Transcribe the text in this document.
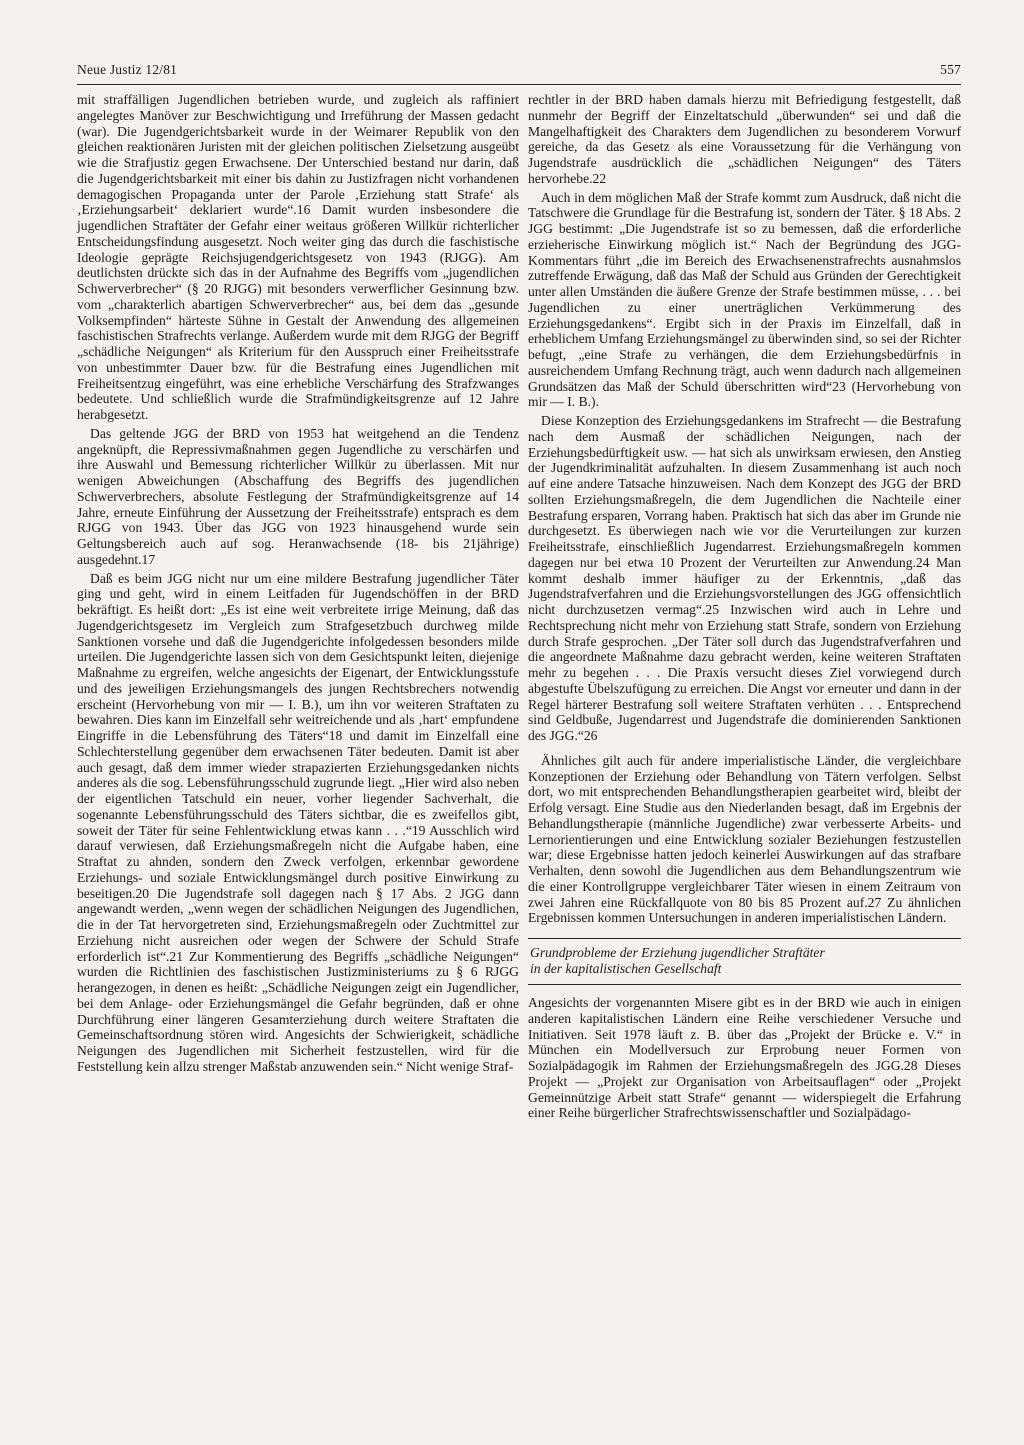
Neue Justiz 12/81	557

mit straffälligen Jugendlichen betrieben wurde, und zugleich als raffiniert angelegtes Manöver zur Beschwichtigung und Irreführung der Massen gedacht (war). Die Jugendgerichtsbarkeit wurde in der Weimarer Republik von den gleichen reaktionären Juristen mit der gleichen politischen Zielsetzung ausgeübt wie die Strafjustiz gegen Erwachsene. Der Unterschied bestand nur darin, daß die Jugendgerichtsbarkeit mit einer bis dahin zu Justizfragen nicht vorhandenen demagogischen Propaganda unter der Parole ‚Erziehung statt Strafe‘ als ‚Erziehungsarbeit‘ deklariert wurde“.16 Damit wurden insbesondere die jugendlichen Straftäter der Gefahr einer weitaus größeren Willkür richterlicher Entscheidungsfindung ausgesetzt. Noch weiter ging das durch die faschistische Ideologie geprägte Reichsjugendgerichtsgesetz von 1943 (RJGG). Am deutlichsten drückte sich das in der Aufnahme des Begriffs vom „jugendlichen Schwerverbrecher“ (§ 20 RJGG) mit besonders verwerflicher Gesinnung bzw. vom „charakterlich abartigen Schwerverbrecher“ aus, bei dem das „gesunde Volksempfinden“ härteste Sühne in Gestalt der Anwendung des allgemeinen faschistischen Strafrechts verlange. Außerdem wurde mit dem RJGG der Begriff „schädliche Neigungen“ als Kriterium für den Ausspruch einer Freiheitsstrafe von unbestimmter Dauer bzw. für die Bestrafung eines Jugendlichen mit Freiheitsentzug eingeführt, was eine erhebliche Verschärfung des Strafzwanges bedeutete. Und schließlich wurde die Strafmündigkeitsgrenze auf 12 Jahre herabgesetzt.

Das geltende JGG der BRD von 1953 hat weitgehend an die Tendenz angeknüpft, die Repressivmaßnahmen gegen Jugendliche zu verschärfen und ihre Auswahl und Bemessung richterlicher Willkür zu überlassen. Mit nur wenigen Abweichungen (Abschaffung des Begriffs des jugendlichen Schwerverbrechers, absolute Festlegung der Strafmündigkeitsgrenze auf 14 Jahre, erneute Einführung der Aussetzung der Freiheitsstrafe) entsprach es dem RJGG von 1943. Über das JGG von 1923 hinausgehend wurde sein Geltungsbereich auch auf sog. Heranwachsende (18- bis 21jährige) ausgedehnt.17

Daß es beim JGG nicht nur um eine mildere Bestrafung jugendlicher Täter ging und geht, wird in einem Leitfaden für Jugendschöffen in der BRD bekräftigt. Es heißt dort: „Es ist eine weit verbreitete irrige Meinung, daß das Jugendgerichtsgesetz im Vergleich zum Strafgesetzbuch durchweg milde Sanktionen vorsehe und daß die Jugendgerichte infolgedessen besonders milde urteilen. Die Jugendgerichte lassen sich von dem Gesichtspunkt leiten, diejenige Maßnahme zu ergreifen, welche angesichts der Eigenart, der Entwicklungsstufe und des jeweiligen Erziehungsmangels des jungen Rechtsbrechers notwendig erscheint (Hervorhebung von mir — I. B.), um ihn vor weiteren Straftaten zu bewahren. Dies kann im Einzelfall sehr weitreichende und als ‚hart‘ empfundene Eingriffe in die Lebensführung des Täters“18 und damit im Einzelfall eine Schlechterstellung gegenüber dem erwachsenen Täter bedeuten. Damit ist aber auch gesagt, daß dem immer wieder strapazierten Erziehungsgedanken nichts anderes als die sog. Lebensführungsschuld zugrunde liegt. „Hier wird also neben der eigentlichen Tatschuld ein neuer, vorher liegender Sachverhalt, die sogenannte Lebensführungsschuld des Täters sichtbar, die es zweifellos gibt, soweit der Täter für seine Fehlentwicklung etwas kann . . .“19 Ausschlich wird darauf verwiesen, daß Erziehungsmaßregeln nicht die Aufgabe haben, eine Straftat zu ahnden, sondern den Zweck verfolgen, erkennbar gewordene Erziehungs- und soziale Entwicklungsmängel durch positive Einwirkung zu beseitigen.20 Die Jugendstrafe soll dagegen nach § 17 Abs. 2 JGG dann angewandt werden, „wenn wegen der schädlichen Neigungen des Jugendlichen, die in der Tat hervorgetreten sind, Erziehungsmaßregeln oder Zuchtmittel zur Erziehung nicht ausreichen oder wegen der Schwere der Schuld Strafe erforderlich ist“.21 Zur Kommentierung des Begriffs „schädliche Neigungen“ wurden die Richtlinien des faschistischen Justizministeriums zu § 6 RJGG herangezogen, in denen es heißt: „Schädliche Neigungen zeigt ein Jugendlicher, bei dem Anlage- oder Erziehungsmängel die Gefahr begründen, daß er ohne Durchführung einer längeren Gesamterziehung durch weitere Straftaten die Gemeinschaftsordnung stören wird. Angesichts der Schwierigkeit, schädliche Neigungen des Jugendlichen mit Sicherheit festzustellen, wird für die Feststellung kein allzu strenger Maßstab anzuwenden sein.“ Nicht wenige Straf-

rechtler in der BRD haben damals hierzu mit Befriedigung festgestellt, daß nunmehr der Begriff der Einzeltatschuld „überwunden“ sei und daß die Mangelhaftigkeit des Charakters dem Jugendlichen zu besonderem Vorwurf gereiche, da das Gesetz als eine Voraussetzung für die Verhängung von Jugendstrafe ausdrücklich die „schädlichen Neigungen“ des Täters hervorhebe.22

Auch in dem möglichen Maß der Strafe kommt zum Ausdruck, daß nicht die Tatschwere die Grundlage für die Bestrafung ist, sondern der Täter. § 18 Abs. 2 JGG bestimmt: „Die Jugendstrafe ist so zu bemessen, daß die erforderliche erzieherische Einwirkung möglich ist.“ Nach der Begründung des JGG-Kommentars führt „die im Bereich des Erwachsenenstrafrechts ausnahmslos zutreffende Erwägung, daß das Maß der Schuld aus Gründen der Gerechtigkeit unter allen Umständen die äußere Grenze der Strafe bestimmen müsse, . . . bei Jugendlichen zu einer unerträglichen Verkümmerung des Erziehungsgedankens“. Ergibt sich in der Praxis im Einzelfall, daß in erheblichem Umfang Erziehungsmängel zu überwinden sind, so sei der Richter befugt, „eine Strafe zu verhängen, die dem Erziehungsbedürfnis in ausreichendem Umfang Rechnung trägt, auch wenn dadurch nach allgemeinen Grundsätzen das Maß der Schuld überschritten wird“23 (Hervorhebung von mir — I. B.).

Diese Konzeption des Erziehungsgedankens im Strafrecht — die Bestrafung nach dem Ausmaß der schädlichen Neigungen, nach der Erziehungsbedürftigkeit usw. — hat sich als unwirksam erwiesen, den Anstieg der Jugendkriminalität aufzuhalten. In diesem Zusammenhang ist auch noch auf eine andere Tatsache hinzuweisen. Nach dem Konzept des JGG der BRD sollten Erziehungsmaßregeln, die dem Jugendlichen die Nachteile einer Bestrafung ersparen, Vorrang haben. Praktisch hat sich das aber im Grunde nie durchgesetzt. Es überwiegen nach wie vor die Verurteilungen zur kurzen Freiheitsstrafe, einschließlich Jugendarrest. Erziehungsmaßregeln kommen dagegen nur bei etwa 10 Prozent der Verurteilten zur Anwendung.24 Man kommt deshalb immer häufiger zu der Erkenntnis, „daß das Jugendstrafverfahren und die Erziehungsvorstellungen des JGG offensichtlich nicht durchzusetzen vermag“.25 Inzwischen wird auch in Lehre und Rechtsprechung nicht mehr von Erziehung statt Strafe, sondern von Erziehung durch Strafe gesprochen. „Der Täter soll durch das Jugendstrafverfahren und die angeordnete Maßnahme dazu gebracht werden, keine weiteren Straftaten mehr zu begehen . . . Die Praxis versucht dieses Ziel vorwiegend durch abgestufte Übelszufügung zu erreichen. Die Angst vor erneuter und dann in der Regel härterer Bestrafung soll weitere Straftaten verhüten . . . Entsprechend sind Geldbuße, Jugendarrest und Jugendstrafe die dominierenden Sanktionen des JGG.“26

Ähnliches gilt auch für andere imperialistische Länder, die vergleichbare Konzeptionen der Erziehung oder Behandlung von Tätern verfolgen. Selbst dort, wo mit entsprechenden Behandlungstherapien gearbeitet wird, bleibt der Erfolg versagt. Eine Studie aus den Niederlanden besagt, daß im Ergebnis der Behandlungstherapie (männliche Jugendliche) zwar verbesserte Arbeits- und Lernorientierungen und eine Entwicklung sozialer Beziehungen festzustellen war; diese Ergebnisse hatten jedoch keinerlei Auswirkungen auf das strafbare Verhalten, denn sowohl die Jugendlichen aus dem Behandlungszentrum wie die einer Kontrollgruppe vergleichbarer Täter wiesen in einem Zeitraum von zwei Jahren eine Rückfallquote von 80 bis 85 Prozent auf.27 Zu ähnlichen Ergebnissen kommen Untersuchungen in anderen imperialistischen Ländern.

Grundprobleme der Erziehung jugendlicher Straftäter
in der kapitalistischen Gesellschaft

Angesichts der vorgenannten Misere gibt es in der BRD wie auch in einigen anderen kapitalistischen Ländern eine Reihe verschiedener Versuche und Initiativen. Seit 1978 läuft z. B. über das „Projekt der Brücke e. V.“ in München ein Modellversuch zur Erprobung neuer Formen von Sozialpädagogik im Rahmen der Erziehungsmaßregeln des JGG.28 Dieses Projekt — „Projekt zur Organisation von Arbeitsauflagen“ oder „Projekt Gemeinnützige Arbeit statt Strafe“ genannt — widerspiegelt die Erfahrung einer Reihe bürgerlicher Strafrechtswissenschaftler und Sozialpädago-
